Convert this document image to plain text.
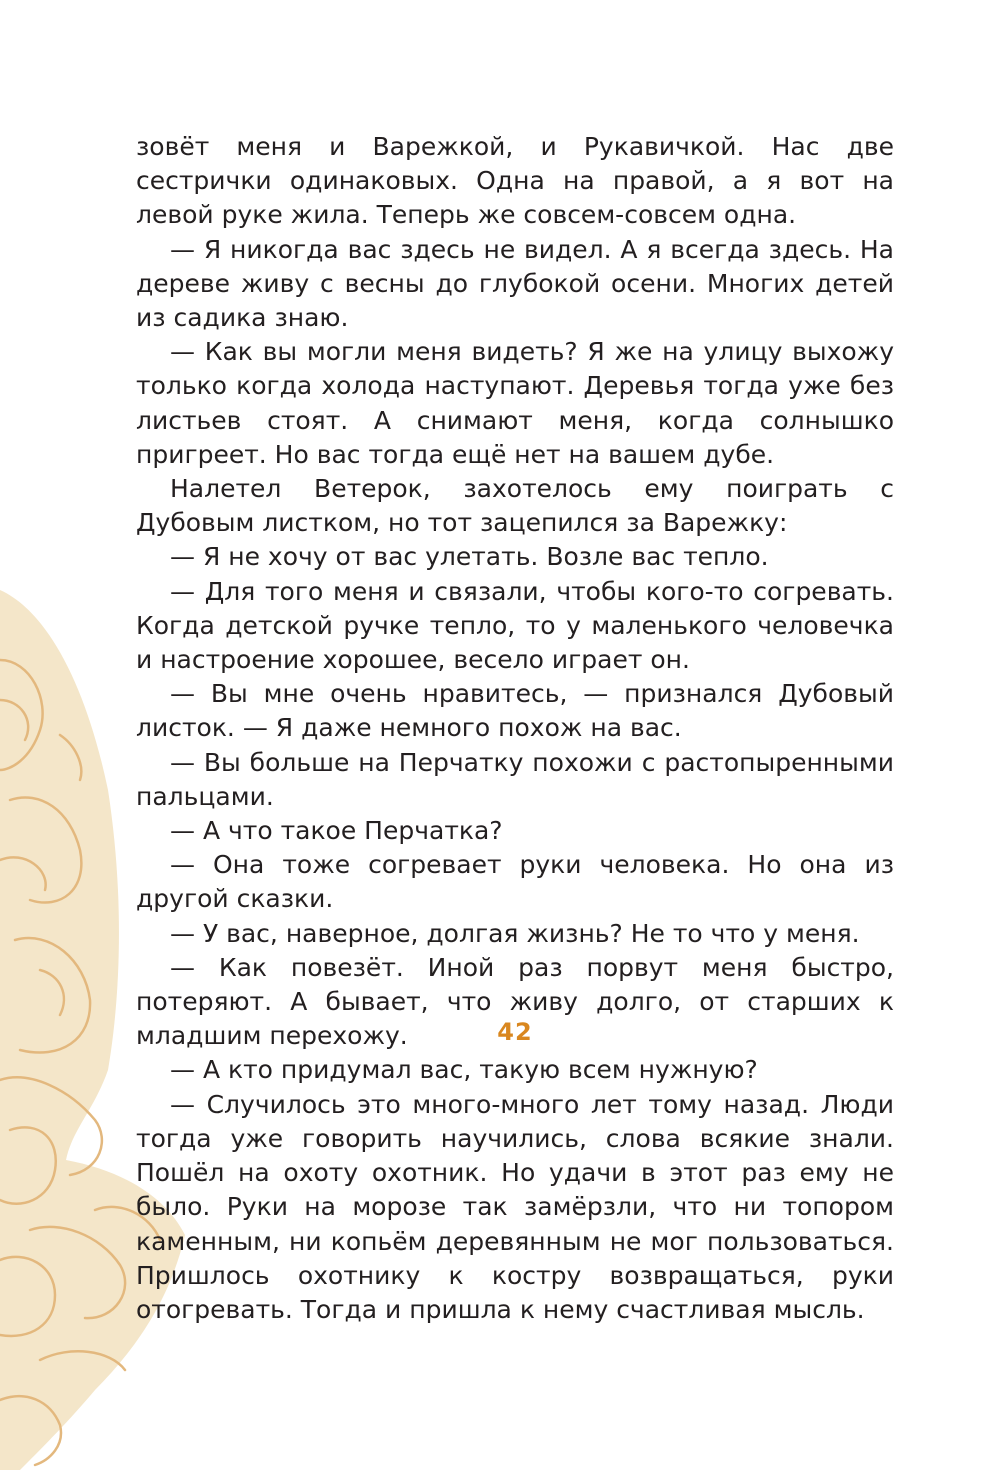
зовёт меня и Варежкой, и Рукавичкой. Нас две сестрички одинаковых. Одна на правой, а я вот на левой руке жила. Теперь же совсем-совсем одна.

— Я никогда вас здесь не видел. А я всегда здесь. На дереве живу с весны до глубокой осени. Многих детей из садика знаю.

— Как вы могли меня видеть? Я же на улицу выхожу только когда холода наступают. Деревья тогда уже без листьев стоят. А снимают меня, когда солнышко пригреет. Но вас тогда ещё нет на вашем дубе.

Налетел Ветерок, захотелось ему поиграть с Дубовым листком, но тот зацепился за Варежку:

— Я не хочу от вас улетать. Возле вас тепло.

— Для того меня и связали, чтобы кого-то согревать. Когда детской ручке тепло, то у маленького человечка и настроение хорошее, весело играет он.

— Вы мне очень нравитесь, — признался Дубовый листок. — Я даже немного похож на вас.

— Вы больше на Перчатку похожи с растопыренными пальцами.

— А что такое Перчатка?

— Она тоже согревает руки человека. Но она из другой сказки.

— У вас, наверное, долгая жизнь? Не то что у меня.

— Как повезёт. Иной раз порвут меня быстро, потеряют. А бывает, что живу долго, от старших к младшим перехожу.

— А кто придумал вас, такую всем нужную?

— Случилось это много-много лет тому назад. Люди тогда уже говорить научились, слова всякие знали. Пошёл на охоту охотник. Но удачи в этот раз ему не было. Руки на морозе так замёрзли, что ни топором каменным, ни копьём деревянным не мог пользоваться. Пришлось охотнику к костру возвращаться, руки отогревать. Тогда и пришла к нему счастливая мысль.

42
